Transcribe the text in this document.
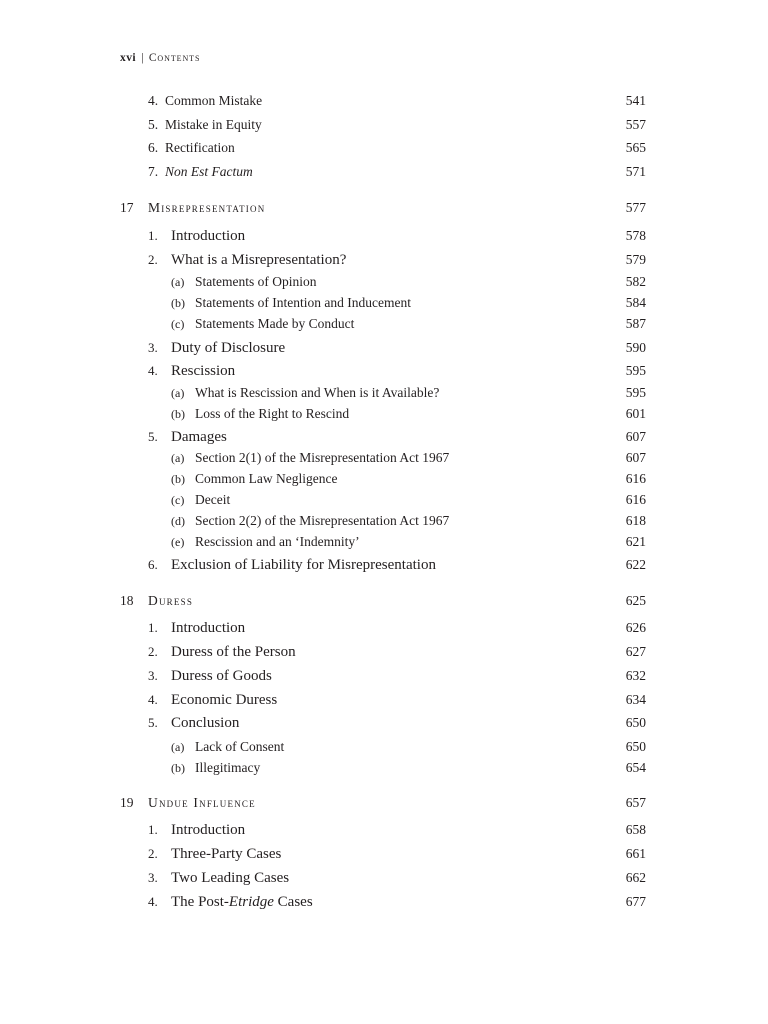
xvi | Contents
4. Common Mistake	541
5. Mistake in Equity	557
6. Rectification	565
7. Non Est Factum	571
17 Misrepresentation	577
1. Introduction	578
2. What is a Misrepresentation?	579
(a) Statements of Opinion	582
(b) Statements of Intention and Inducement	584
(c) Statements Made by Conduct	587
3. Duty of Disclosure	590
4. Rescission	595
(a) What is Rescission and When is it Available?	595
(b) Loss of the Right to Rescind	601
5. Damages	607
(a) Section 2(1) of the Misrepresentation Act 1967	607
(b) Common Law Negligence	616
(c) Deceit	616
(d) Section 2(2) of the Misrepresentation Act 1967	618
(e) Rescission and an ‘Indemnity’	621
6. Exclusion of Liability for Misrepresentation	622
18 Duress	625
1. Introduction	626
2. Duress of the Person	627
3. Duress of Goods	632
4. Economic Duress	634
5. Conclusion	650
(a) Lack of Consent	650
(b) Illegitimacy	654
19 Undue Influence	657
1. Introduction	658
2. Three-Party Cases	661
3. Two Leading Cases	662
4. The Post-Etridge Cases	677
